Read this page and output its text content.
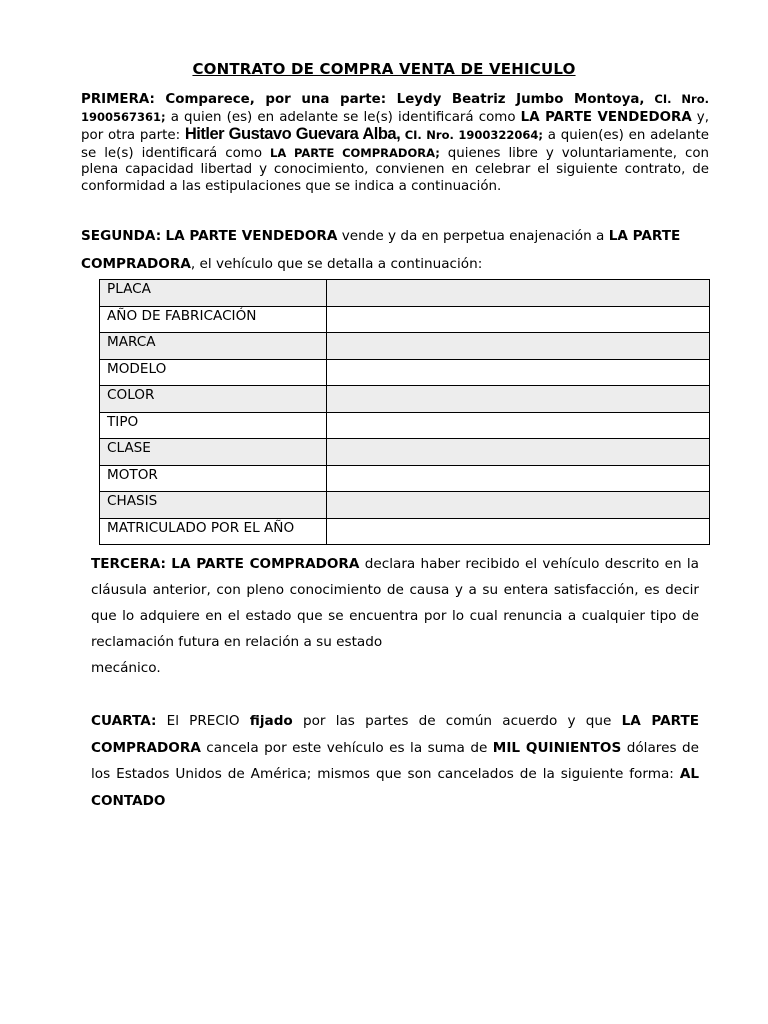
CONTRATO DE COMPRA VENTA DE VEHICULO
PRIMERA: Comparece, por una parte: Leydy Beatriz Jumbo Montoya, CI. Nro. 1900567361; a quien (es) en adelante se le(s) identificará como LA PARTE VENDEDORA y, por otra parte: Hitler Gustavo Guevara Alba, CI. Nro. 1900322064; a quien(es) en adelante se le(s) identificará como LA PARTE COMPRADORA; quienes libre y voluntariamente, con plena capacidad libertad y conocimiento, convienen en celebrar el siguiente contrato, de conformidad a las estipulaciones que se indica a continuación.
SEGUNDA: LA PARTE VENDEDORA vende y da en perpetua enajenación a LA PARTE COMPRADORA, el vehículo que se detalla a continuación:
PLACA	
AÑO DE FABRICACIÓN	
MARCA	
MODELO	
COLOR	
TIPO	
CLASE	
MOTOR	
CHASIS	
MATRICULADO POR EL AÑO	
TERCERA: LA PARTE COMPRADORA declara haber recibido el vehículo descrito en la cláusula anterior, con pleno conocimiento de causa y a su entera satisfacción, es decir que lo adquiere en el estado que se encuentra por lo cual renuncia a cualquier tipo de reclamación futura en relación a su estado
mecánico.
CUARTA: El PRECIO fijado por las partes de común acuerdo y que LA PARTE COMPRADORA cancela por este vehículo es la suma de MIL QUINIENTOS dólares de los Estados Unidos de América; mismos que son cancelados de la siguiente forma: AL CONTADO
